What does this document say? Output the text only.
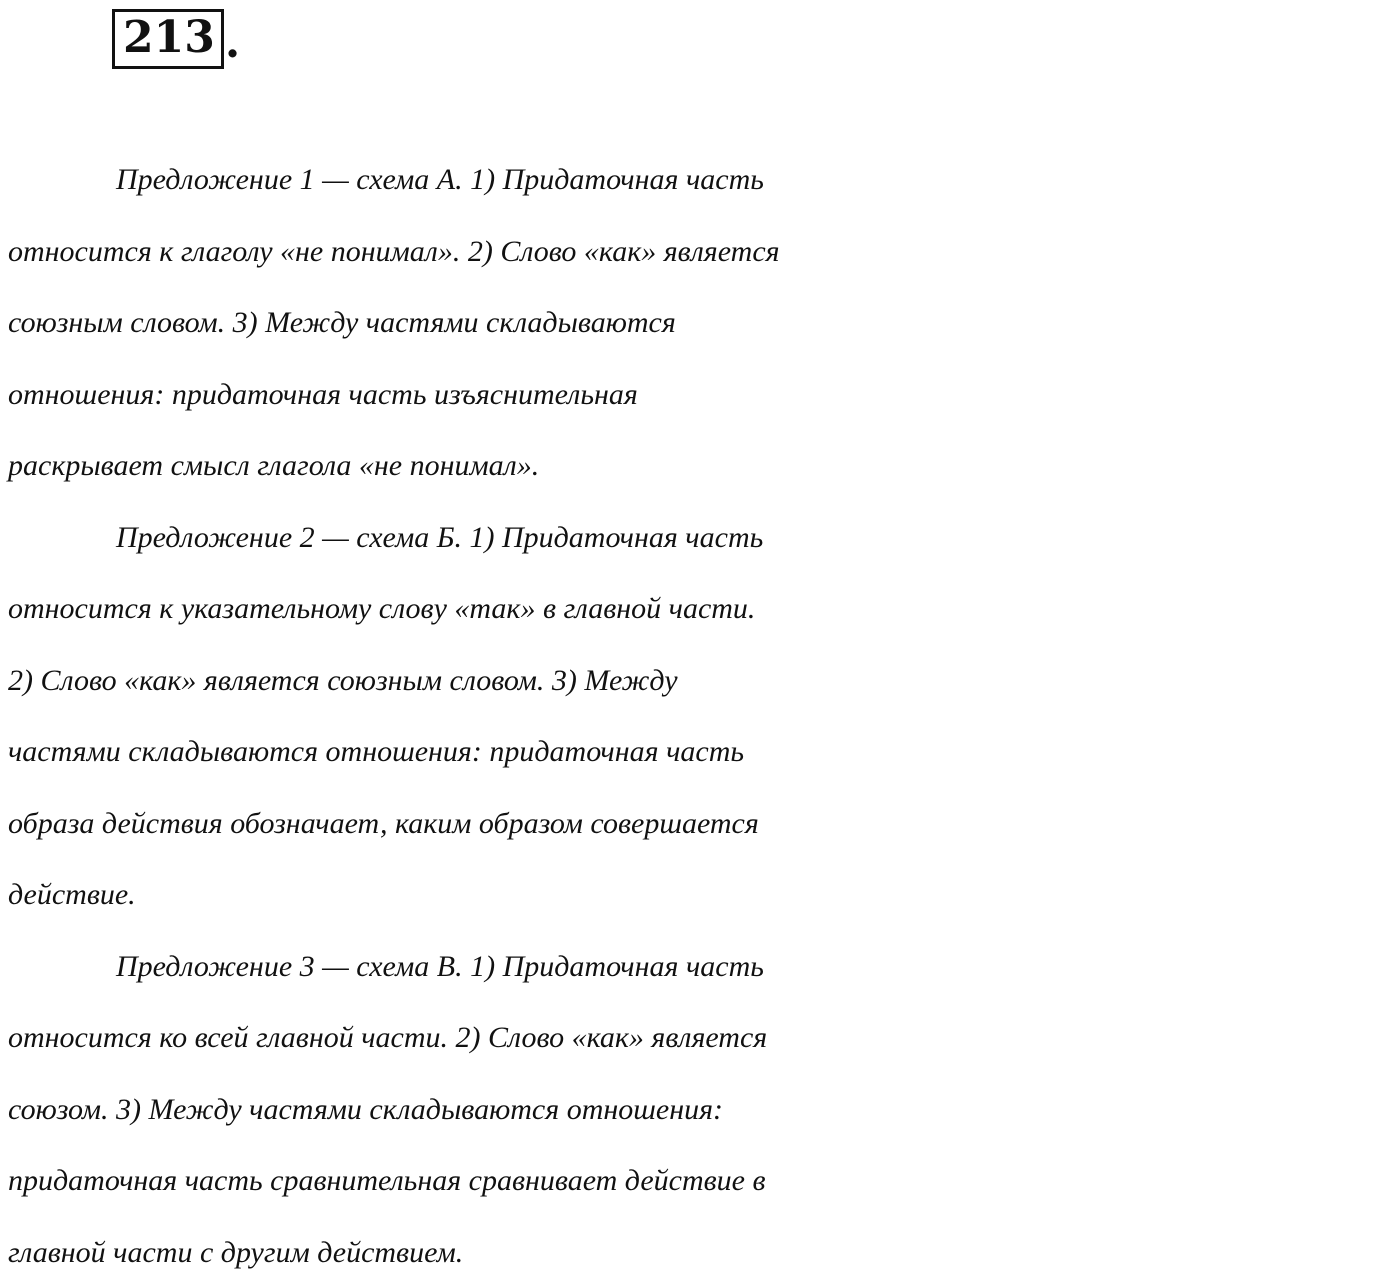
213 .
Предложение 1 — схема А. 1) Придаточная часть
относится к глаголу «не понимал». 2) Слово «как» является
союзным словом. 3) Между частями складываются
отношения: придаточная часть изъяснительная
раскрывает смысл глагола «не понимал».
Предложение 2 — схема Б. 1) Придаточная часть
относится к указательному слову «так» в главной части.
2) Слово «как» является союзным словом. 3) Между
частями складываются отношения: придаточная часть
образа действия обозначает, каким образом совершается
действие.
Предложение 3 — схема В. 1) Придаточная часть
относится ко всей главной части. 2) Слово «как» является
союзом. 3) Между частями складываются отношения:
придаточная часть сравнительная сравнивает действие в
главной части с другим действием.
